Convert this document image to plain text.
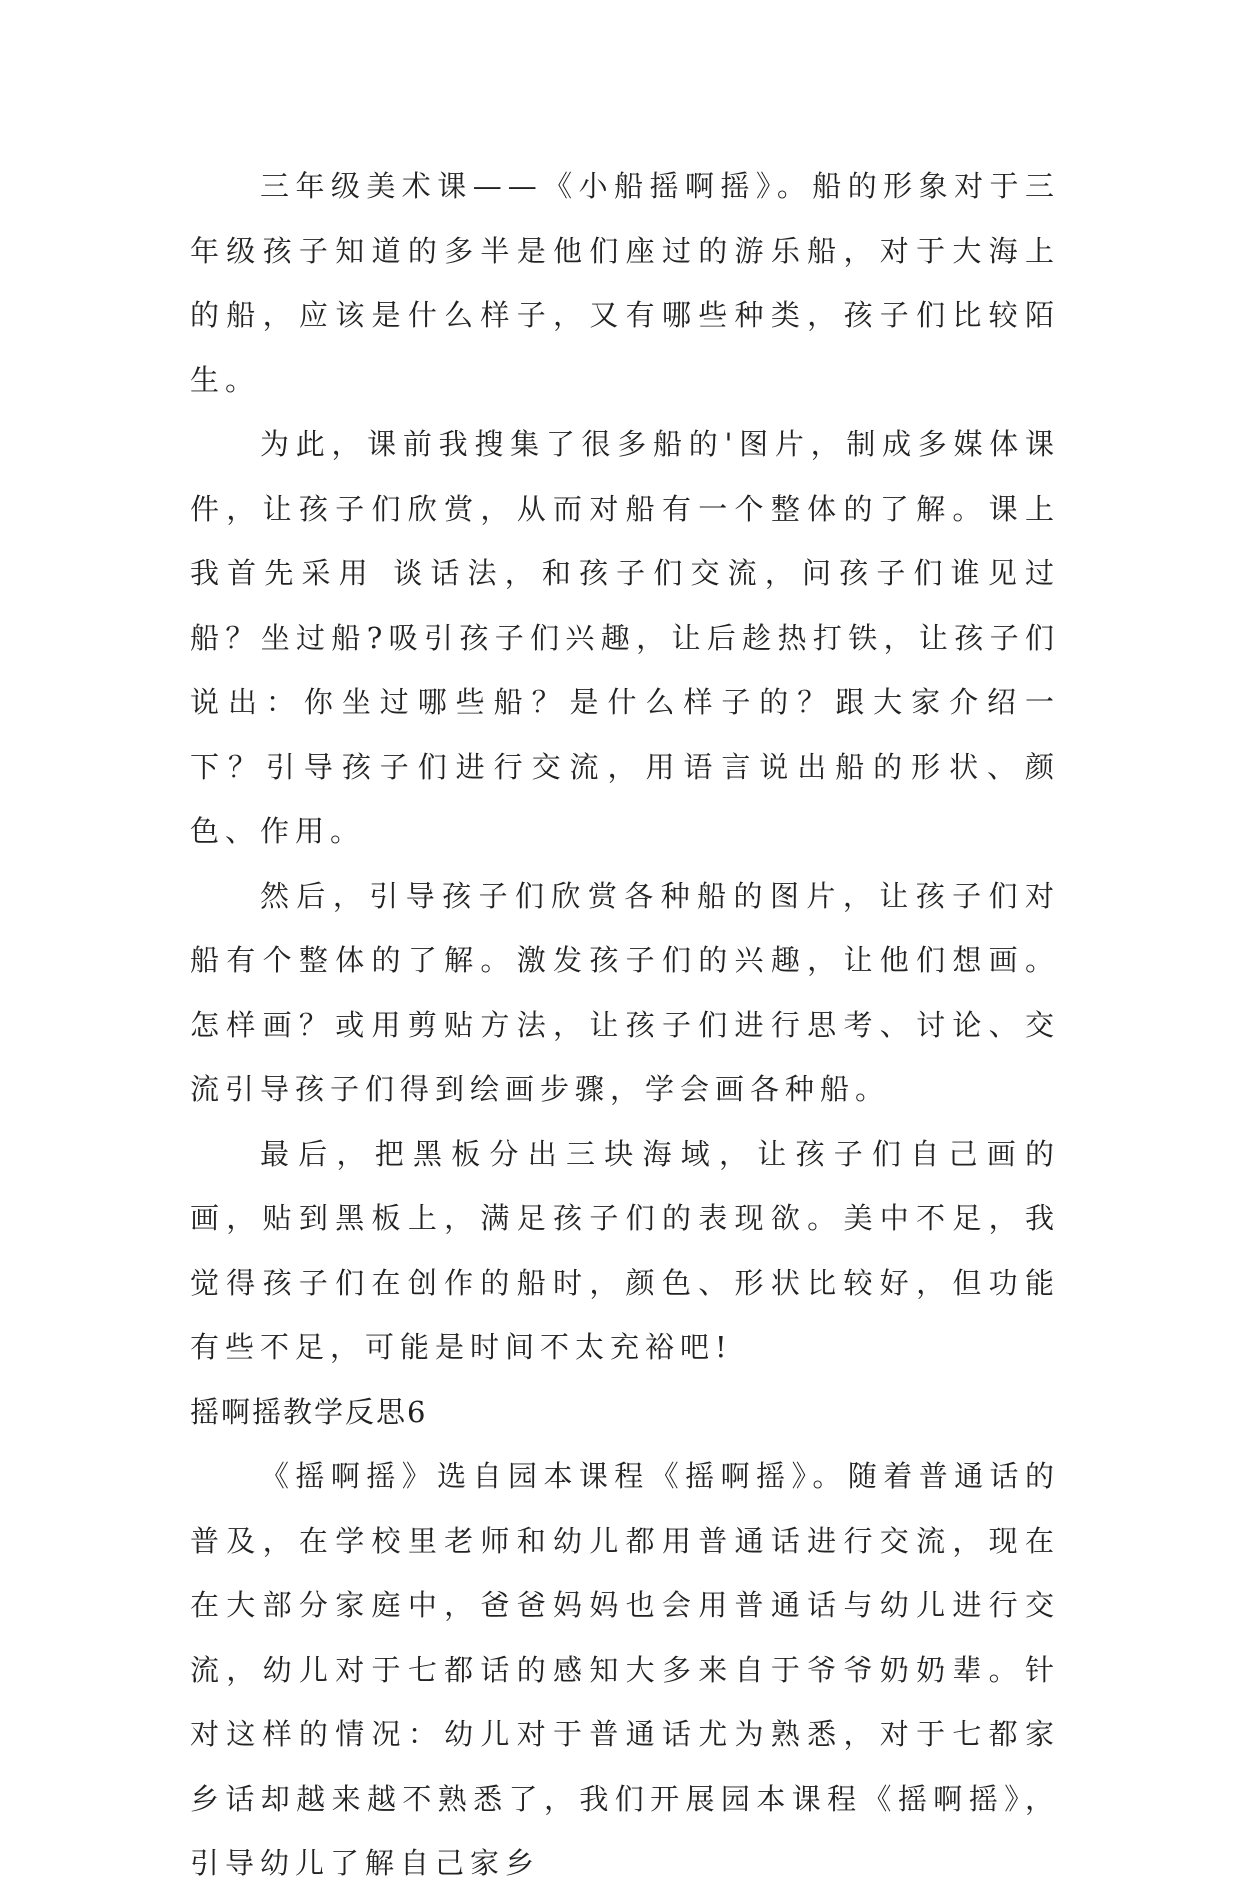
三年级美术课——《小船摇啊摇》。船的形象对于三年级孩子知道的多半是他们座过的游乐船，对于大海上的船，应该是什么样子，又有哪些种类，孩子们比较陌生。

为此，课前我搜集了很多船的'图片，制成多媒体课件，让孩子们欣赏，从而对船有一个整体的了解。课上我首先采用 谈话法，和孩子们交流，问孩子们谁见过船？坐过船?吸引孩子们兴趣，让后趁热打铁，让孩子们说出：你坐过哪些船？是什么样子的？跟大家介绍一下？引导孩子们进行交流，用语言说出船的形状、颜色、作用。

然后，引导孩子们欣赏各种船的图片，让孩子们对船有个整体的了解。激发孩子们的兴趣，让他们想画。怎样画？或用剪贴方法，让孩子们进行思考、讨论、交流引导孩子们得到绘画步骤，学会画各种船。

最后，把黑板分出三块海域，让孩子们自己画的画，贴到黑板上，满足孩子们的表现欲。美中不足，我觉得孩子们在创作的船时，颜色、形状比较好，但功能有些不足，可能是时间不太充裕吧!

摇啊摇教学反思6

《摇啊摇》选自园本课程《摇啊摇》。随着普通话的普及，在学校里老师和幼儿都用普通话进行交流，现在在大部分家庭中，爸爸妈妈也会用普通话与幼儿进行交流，幼儿对于七都话的感知大多来自于爷爷奶奶辈。针对这样的情况：幼儿对于普通话尤为熟悉，对于七都家乡话却越来越不熟悉了，我们开展园本课程《摇啊摇》，引导幼儿了解自己家乡
